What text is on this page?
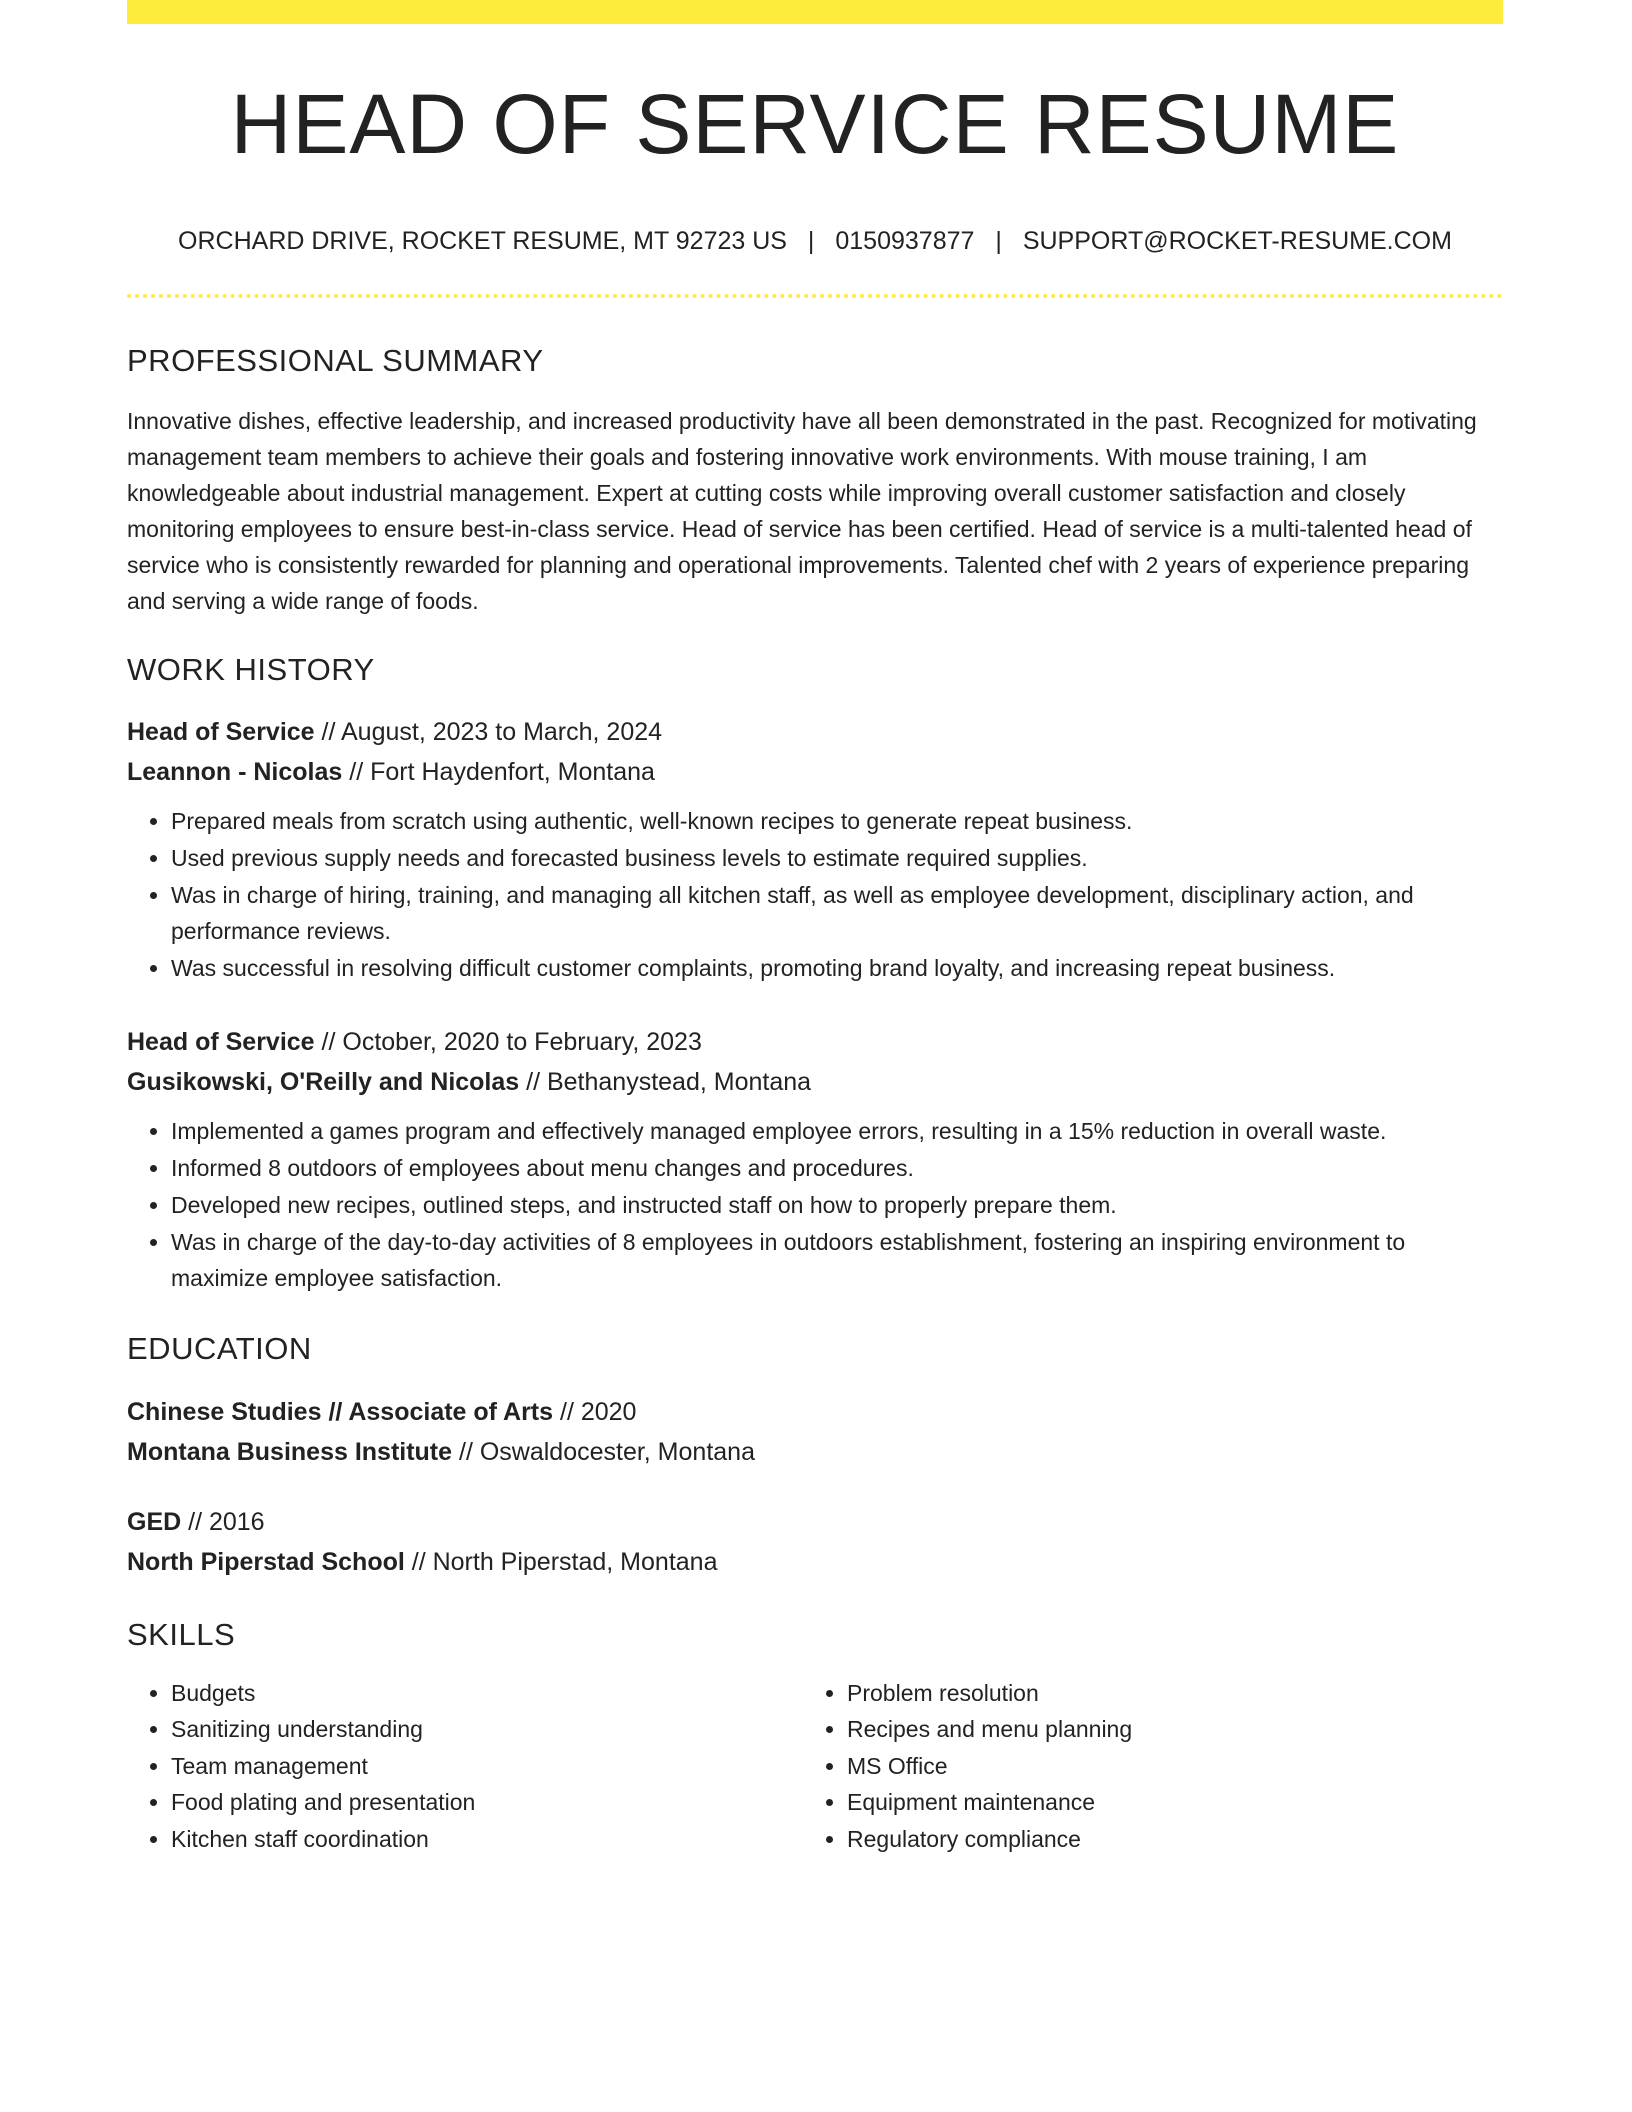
HEAD OF SERVICE RESUME
ORCHARD DRIVE, ROCKET RESUME, MT 92723 US | 0150937877 | SUPPORT@ROCKET-RESUME.COM
PROFESSIONAL SUMMARY

Innovative dishes, effective leadership, and increased productivity have all been demonstrated in the past. Recognized for motivating management team members to achieve their goals and fostering innovative work environments. With mouse training, I am knowledgeable about industrial management. Expert at cutting costs while improving overall customer satisfaction and closely monitoring employees to ensure best-in-class service. Head of service has been certified. Head of service is a multi-talented head of service who is consistently rewarded for planning and operational improvements. Talented chef with 2 years of experience preparing and serving a wide range of foods.

WORK HISTORY
Head of Service // August, 2023 to March, 2024
Leannon - Nicolas // Fort Haydenfort, Montana
• Prepared meals from scratch using authentic, well-known recipes to generate repeat business.
• Used previous supply needs and forecasted business levels to estimate required supplies.
• Was in charge of hiring, training, and managing all kitchen staff, as well as employee development, disciplinary action, and performance reviews.
• Was successful in resolving difficult customer complaints, promoting brand loyalty, and increasing repeat business.
Head of Service // October, 2020 to February, 2023
Gusikowski, O'Reilly and Nicolas // Bethanystead, Montana
• Implemented a games program and effectively managed employee errors, resulting in a 15% reduction in overall waste.
• Informed 8 outdoors of employees about menu changes and procedures.
• Developed new recipes, outlined steps, and instructed staff on how to properly prepare them.
• Was in charge of the day-to-day activities of 8 employees in outdoors establishment, fostering an inspiring environment to maximize employee satisfaction.
EDUCATION
Chinese Studies // Associate of Arts // 2020
Montana Business Institute // Oswaldocester, Montana
GED // 2016
North Piperstad School // North Piperstad, Montana
SKILLS
• Budgets
• Sanitizing understanding
• Team management
• Food plating and presentation
• Kitchen staff coordination
• Problem resolution
• Recipes and menu planning
• MS Office
• Equipment maintenance
• Regulatory compliance
